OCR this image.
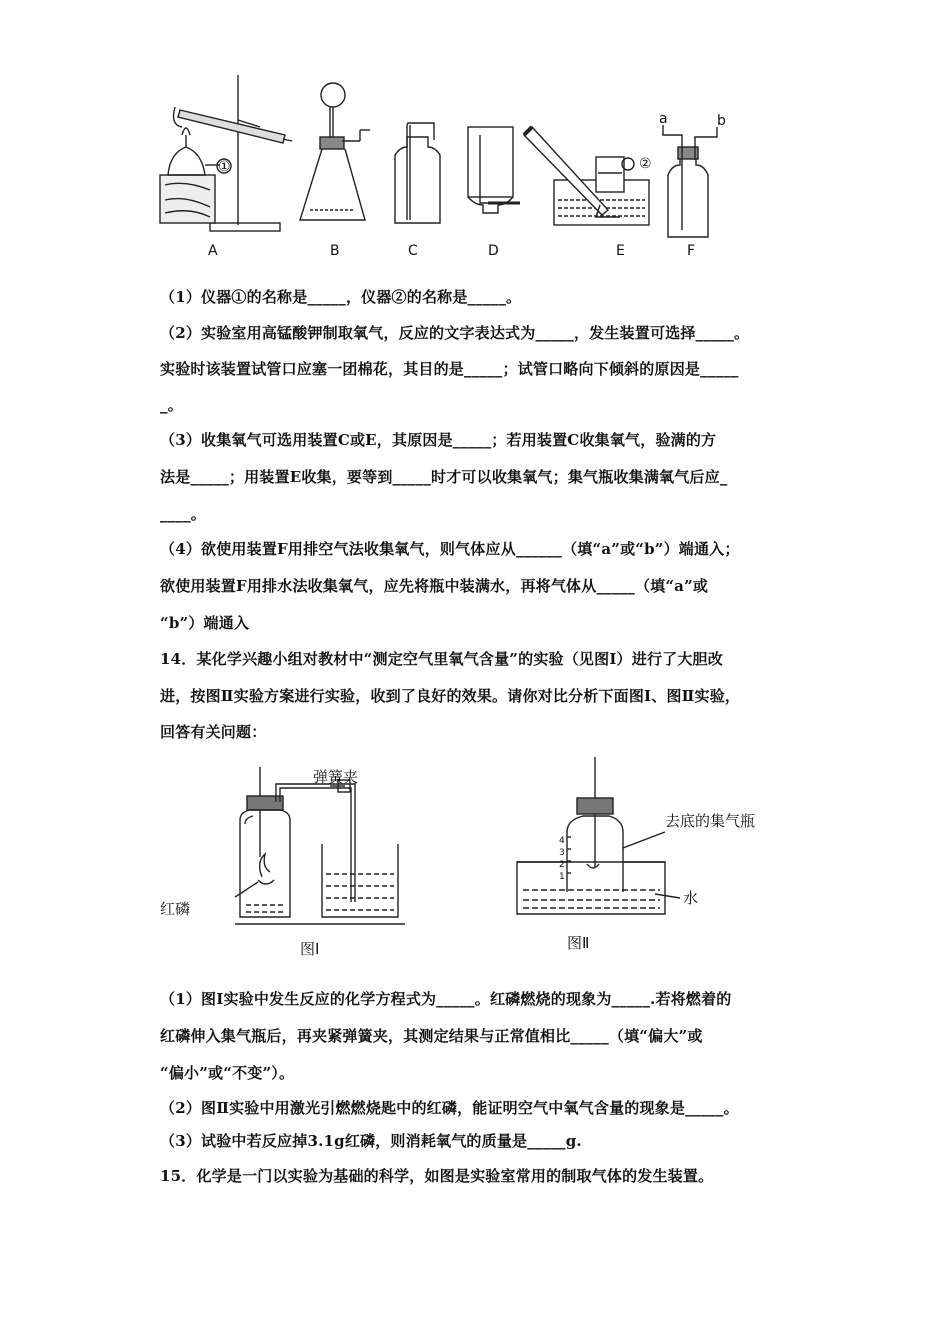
②
①
a	b
A	B	C	D	E	F
（1）仪器①的名称是_____，仪器②的名称是_____。
（2）实验室用高锰酸钾制取氧气，反应的文字表达式为_____，发生装置可选择_____。
实验时该装置试管口应塞一团棉花，其目的是_____；试管口略向下倾斜的原因是_____
_。
（3）收集氧气可选用装置C或E，其原因是_____；若用装置C收集氧气，验满的方
法是_____；用装置E收集，要等到_____时才可以收集氧气；集气瓶收集满氧气后应_
____。
（4）欲使用装置F用排空气法收集氧气，则气体应从______（填“a”或“b”）端通入；
欲使用装置F用排水法收集氧气，应先将瓶中装满水，再将气体从_____（填“a”或
“b”）端通入
14．某化学兴趣小组对教材中“测定空气里氧气含量”的实验（见图Ⅰ）进行了大胆改
进，按图Ⅱ实验方案进行实验，收到了良好的效果。请你对比分析下面图Ⅰ、图Ⅱ实验，
回答有关问题：
弹簧夹
红磷
图Ⅰ
4
3
2
1
去底的集气瓶
水
图Ⅱ
（1）图Ⅰ实验中发生反应的化学方程式为_____。红磷燃烧的现象为_____.若将燃着的
红磷伸入集气瓶后，再夹紧弹簧夹，其测定结果与正常值相比_____（填“偏大”或
“偏小”或“不变”）。
（2）图Ⅱ实验中用激光引燃燃烧匙中的红磷，能证明空气中氧气含量的现象是_____。
（3）试验中若反应掉3.1g红磷，则消耗氧气的质量是_____g.
15．化学是一门以实验为基础的科学，如图是实验室常用的制取气体的发生装置。
